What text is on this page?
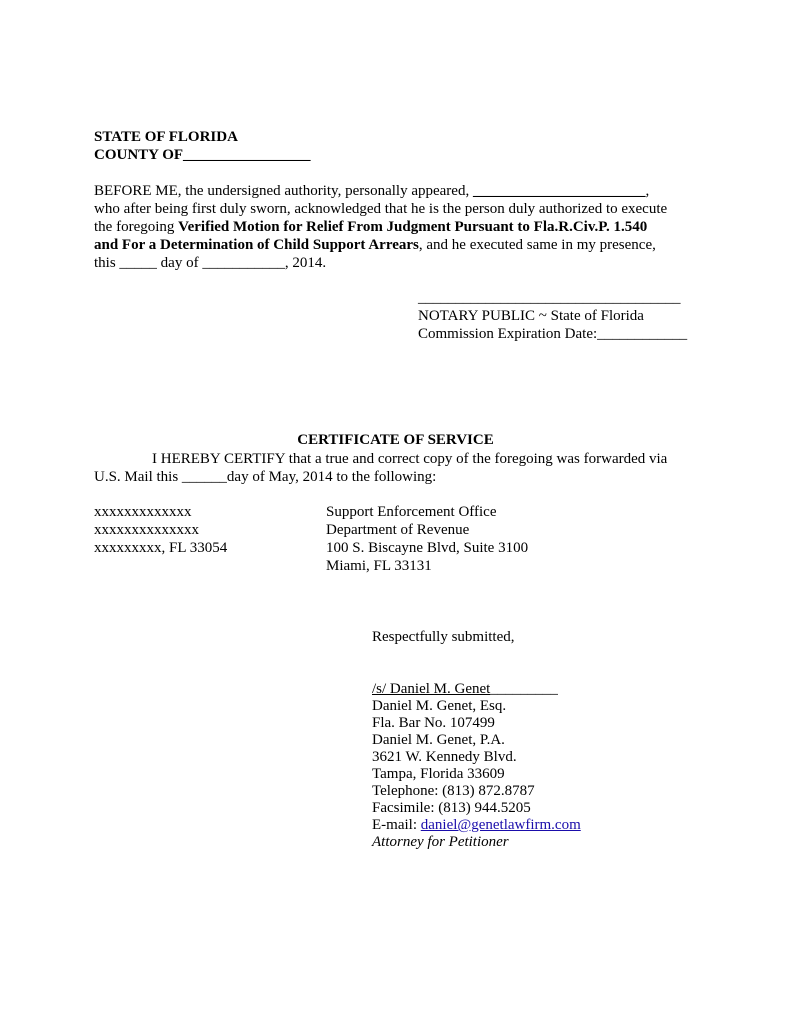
STATE OF FLORIDA
COUNTY OF_________________
BEFORE ME, the undersigned authority, personally appeared, _______________________,
who after being first duly sworn, acknowledged that he is the person duly authorized to execute
the foregoing Verified Motion for Relief From Judgment Pursuant to Fla.R.Civ.P. 1.540
and For a Determination of Child Support Arrears, and he executed same in my presence,
this _____ day of ___________, 2014.
___________________________________
NOTARY PUBLIC ~ State of Florida
Commission Expiration Date:____________
CERTIFICATE OF SERVICE
I HEREBY CERTIFY that a true and correct copy of the foregoing was forwarded via
U.S. Mail this ______day of May, 2014 to the following:
xxxxxxxxxxxxx
xxxxxxxxxxxxxx
xxxxxxxxx, FL 33054
Support Enforcement Office
Department of Revenue
100 S. Biscayne Blvd, Suite 3100
Miami, FL 33131
Respectfully submitted,
/s/ Daniel M. Genet_________
Daniel M. Genet, Esq.
Fla. Bar No. 107499
Daniel M. Genet, P.A.
3621 W. Kennedy Blvd.
Tampa, Florida 33609
Telephone: (813) 872.8787
Facsimile: (813) 944.5205
E-mail: daniel@genetlawfirm.com
Attorney for Petitioner
